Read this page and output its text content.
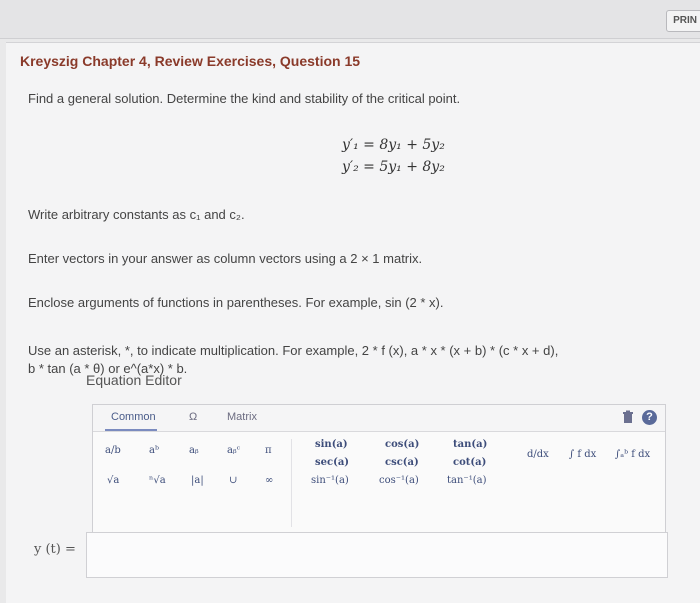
PRIN
Kreyszig Chapter 4, Review Exercises, Question 15
Find a general solution. Determine the kind and stability of the critical point.
y′₁ = 8y₁ + 5y₂
y′₂ = 5y₁ + 8y₂
Write arbitrary constants as c₁ and c₂.
Enter vectors in your answer as column vectors using a 2 × 1 matrix.
Enclose arguments of functions in parentheses. For example, sin (2 * x).
Use an asterisk, *, to indicate multiplication. For example, 2 * f (x), a * x * (x + b) * (c * x + d),
b * tan (a * θ) or e^(a*x) * b.
Equation Editor
Common	Ω	Matrix	?
a/b	aᵇ	aᵦ	aᵦᶜ π
sin(a)	cos(a)	tan(a)
d/dx ∫ f dx ∫ₐᵇ f dx
sec(a)	csc(a)	cot(a)
√a	ⁿ√a	|a|	∪	∞	sin⁻¹(a)	cos⁻¹(a)	tan⁻¹(a)
y (t) =
